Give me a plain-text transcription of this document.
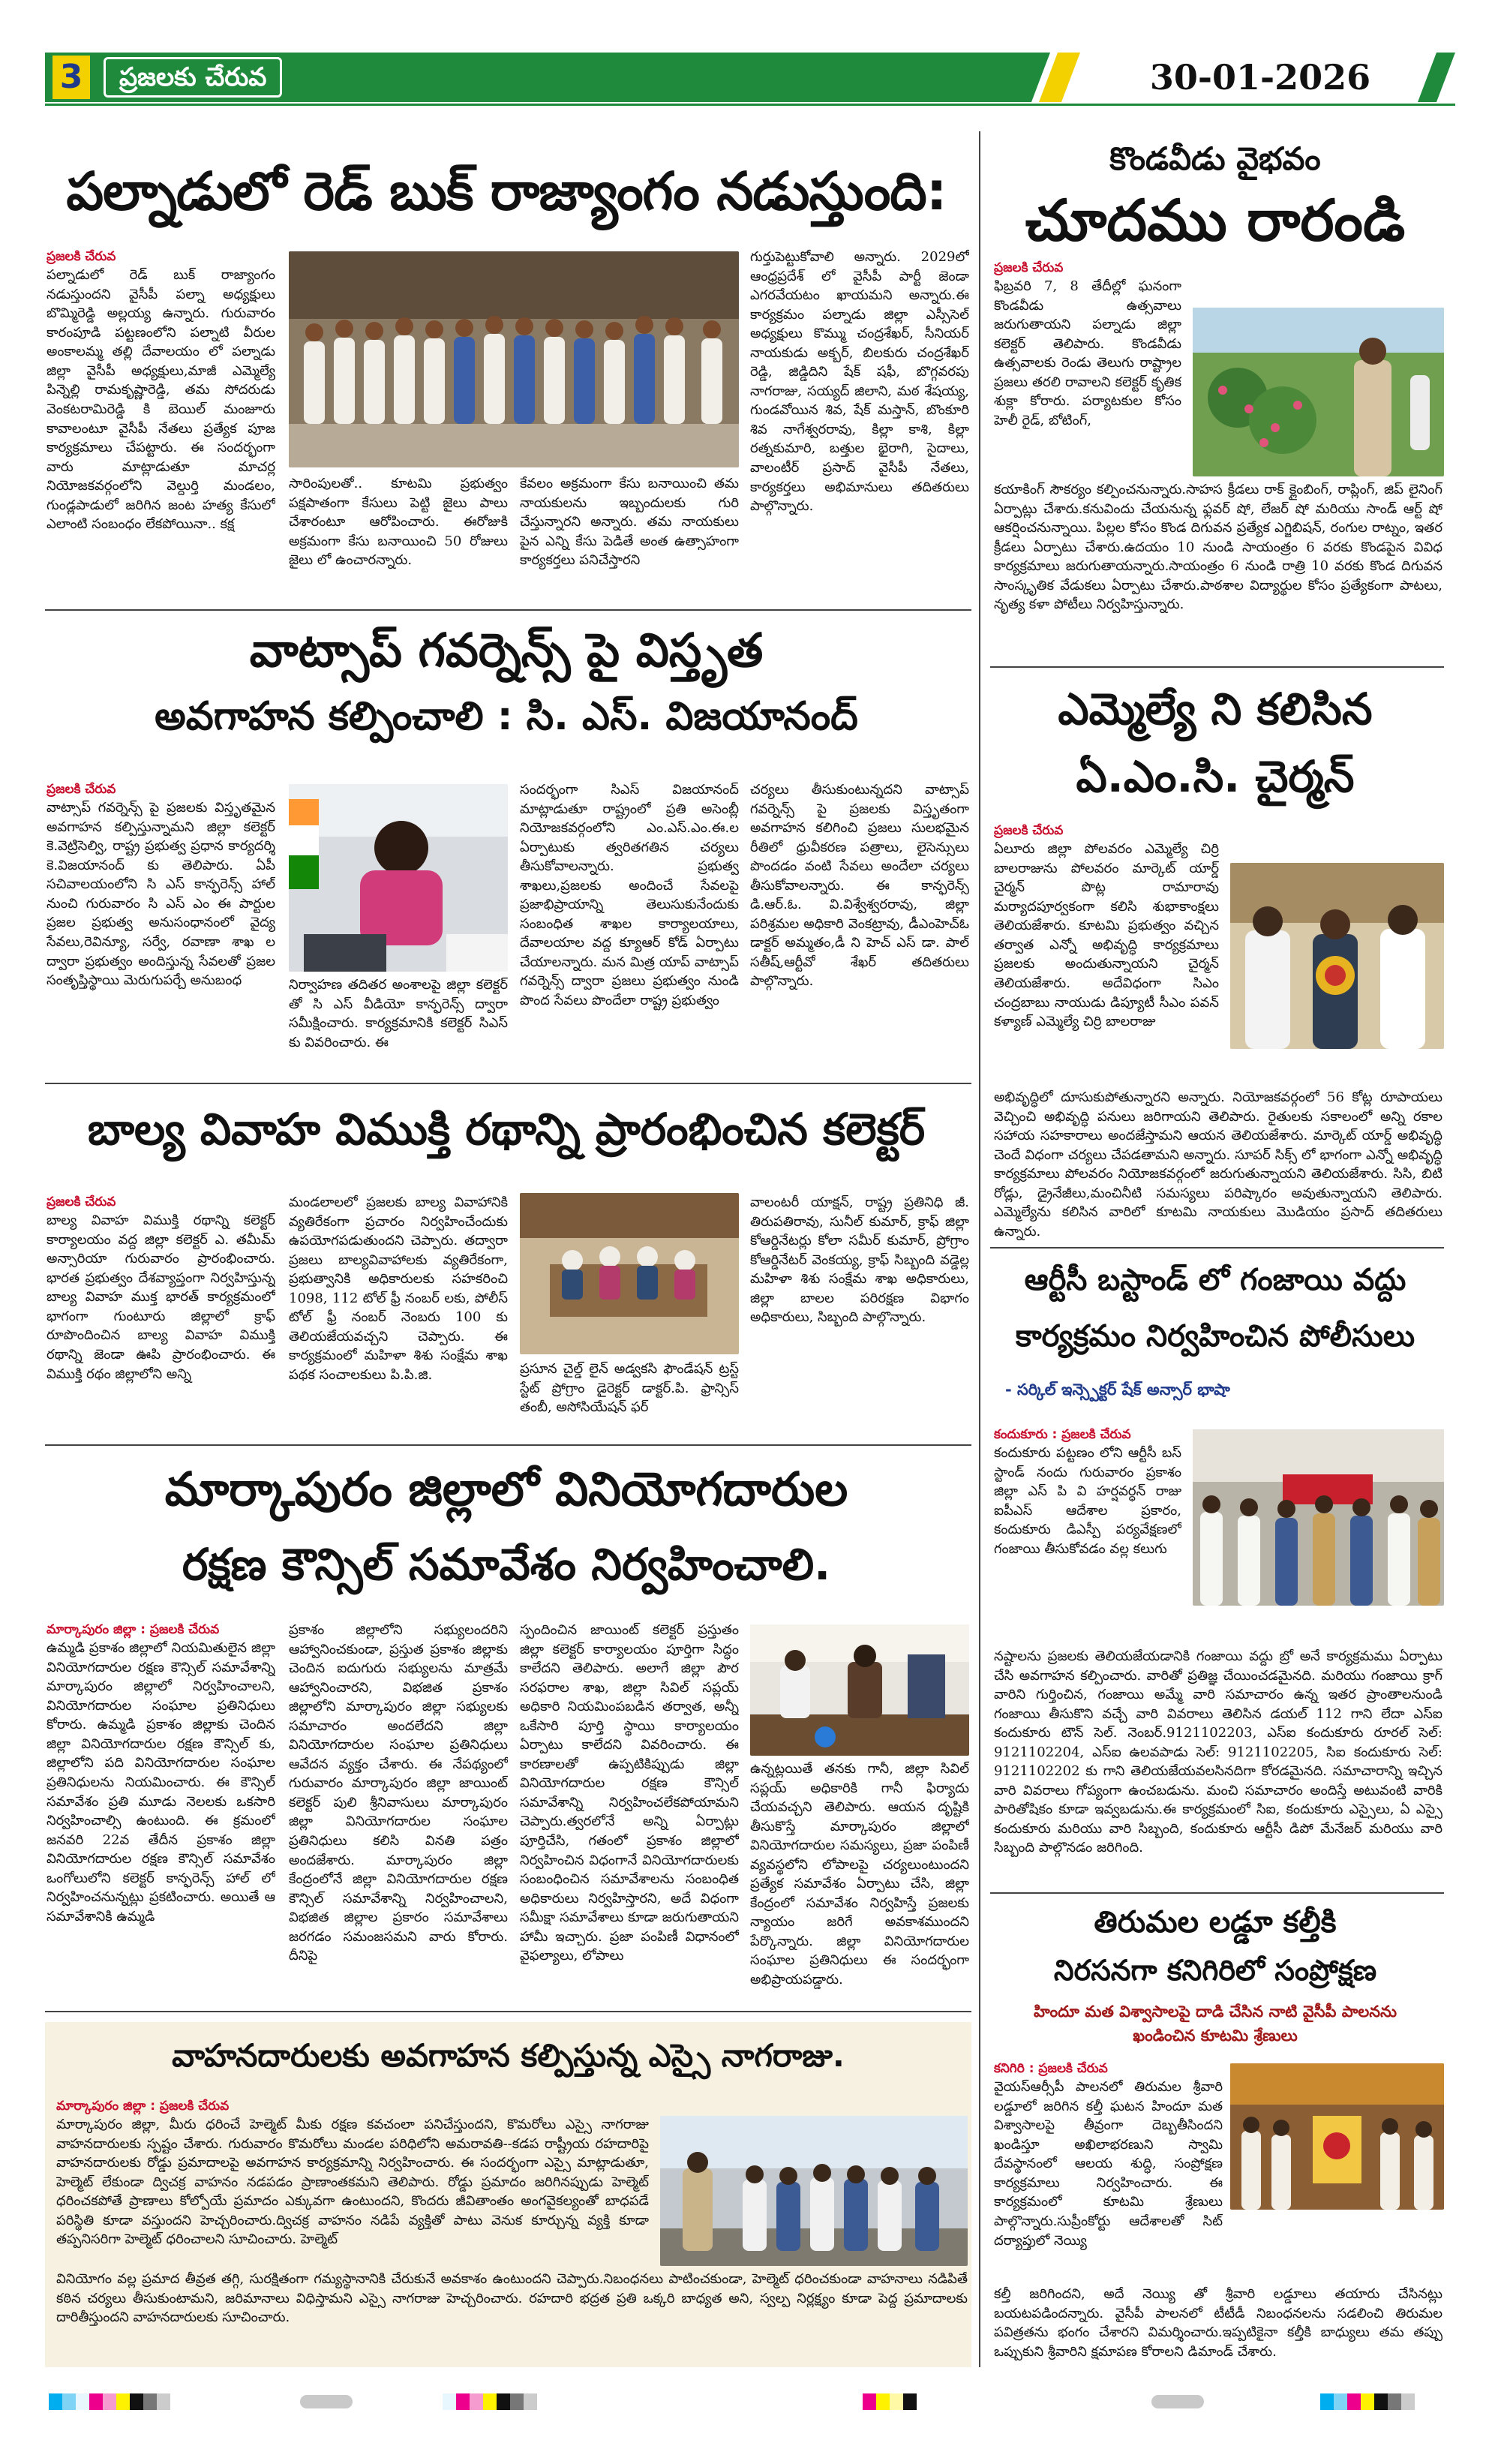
3	ప్రజలకు చేరువ	30-01-2026
పల్నాడులో రెడ్ బుక్ రాజ్యాంగం నడుస్తుంది:
ప్రజలకి చేరువ
పల్నాడులో రెడ్ బుక్ రాజ్యాంగం నడుస్తుందని వైసీపీ పల్నా అధ్యక్షులు బొమ్మిరెడ్డి అల్లయ్య ఉన్నారు. గురువారం కారంపూడి పట్టణంలోని పల్నాటి వీరుల అంకాలమ్మ తల్లి దేవాలయం లో పల్నాడు జిల్లా వైసీపీ అధ్యక్షులు,మాజీ ఎమ్మెల్యే పిన్నెల్లి రామకృష్ణారెడ్డి, తమ సోదరుడు వెంకటరామిరెడ్డి కి బెయిల్ మంజూరు కావాలంటూ వైసీపీ నేతలు ప్రత్యేక పూజ కార్యక్రమాలు చేపట్టారు. ఈ సందర్భంగా వారు మాట్లాడుతూ మాచర్ల నియోజకవర్గంలోని వెల్దుర్తి మండలం, గుండ్లపాడులో జరిగిన జంట హత్య కేసులో ఎలాంటి సంబంధం లేకపోయినా.. కక్ష
సారింపులతో.. కూటమి ప్రభుత్వం పక్షపాతంగా కేసులు పెట్టి జైలు పాలు చేశారంటూ ఆరోపించారు. ఈరోజుకి అక్రమంగా కేసు బనాయించి 50 రోజులు జైలు లో ఉంచారన్నారు.
కేవలం అక్రమంగా కేసు బనాయించి తమ నాయకులను ఇబ్బందులకు గురి చేస్తున్నారని అన్నారు. తమ నాయకులు పైన ఎన్ని కేసు పెడితే అంత ఉత్సాహంగా కార్యకర్తలు పనిచేస్తారని
గుర్తుపెట్టుకోవాలి అన్నారు. 2029లో ఆంధ్రప్రదేశ్ లో వైసీపీ పార్టీ జెండా ఎగరవేయటం ఖాయమని అన్నారు.ఈ కార్యక్రమం పల్నాడు జిల్లా ఎస్సీసెల్ అధ్యక్షులు కొమ్ము చంద్రశేఖర్, సీనియర్ నాయకుడు అక్బర్, బిలకురు చంద్రశేఖర్ రెడ్డి, జిడ్డిదిని షేక్ షఫీ, బొగ్గవరపు నాగరాజు, సయ్యద్ జిలాని, మఠ శేషయ్య, గుండవోయిన శివ, షేక్ మస్తాన్, బొంకూరి శివ నాగేశ్వరరావు, కిల్లా కాశి, కిల్లా రత్నకుమారి, బత్తుల భైరాగి, సైదాలు, వాలంటీర్ ప్రసాద్ వైసీపీ నేతలు, కార్యకర్తలు అభిమానులు తదితరులు పాల్గొన్నారు.
కొండవీడు వైభవం
చూదము రారండి
ప్రజలకి చేరువ
ఫిబ్రవరి 7, 8 తేదీల్లో ఘనంగా కొండవీడు ఉత్సవాలు జరుగుతాయని పల్నాడు జిల్లా కలెక్టర్ తెలిపారు. కొండవీడు ఉత్సవాలకు రెండు తెలుగు రాష్ట్రాల ప్రజలు తరలి రావాలని కలెక్టర్ కృతిక శుక్లా కోరారు. పర్యాటకుల కోసం హెలీ రైడ్, బోటింగ్,
కయాకింగ్ సౌకర్యం కల్పించనున్నారు.సాహస క్రీడలు రాక్ క్లైంబింగ్, రాప్లింగ్, జిప్ లైనింగ్ ఏర్పాట్లు చేశారు.కనువిందు చేయనున్న ఫ్లవర్ షో, లేజర్ షో మరియు సాండ్ ఆర్ట్ షో ఆకర్షించనున్నాయి. పిల్లల కోసం కొండ దిగువన ప్రత్యేక ఎగ్జిబిషన్, రంగుల రాట్నం, ఇతర క్రీడలు ఏర్పాటు చేశారు.ఉదయం 10 నుండి సాయంత్రం 6 వరకు కొండపైన వివిధ కార్యక్రమాలు జరుగుతాయన్నారు.సాయంత్రం 6 నుండి రాత్రి 10 వరకు కొండ దిగువన సాంస్కృతిక వేడుకలు ఏర్పాటు చేశారు.పాఠశాల విద్యార్థుల కోసం ప్రత్యేకంగా పాటలు, నృత్య కళా పోటీలు నిర్వహిస్తున్నారు.
వాట్సాప్ గవర్నెన్స్ పై విస్తృత
అవగాహన కల్పించాలి : సి. ఎస్. విజయానంద్
ప్రజలకి చేరువ
వాట్సాప్ గవర్నెన్స్ పై ప్రజలకు విస్తృతమైన అవగాహన కల్పిస్తున్నామని జిల్లా కలెక్టర్ కె.వెట్రిసెల్వి, రాష్ట్ర ప్రభుత్వ ప్రధాన కార్యదర్శి కె.విజయానంద్ కు తెలిపారు. ఏపీ సచివాలయంలోని సి ఎస్ కాన్ఫరెన్స్ హాల్ నుంచి గురువారం సి ఎస్ ఎం ఈ పార్టుల ప్రజల ప్రభుత్వ అనుసంధానంలో వైద్య సేవలు,రెవిన్యూ, సర్వే, రవాణా శాఖ ల ద్వారా ప్రభుత్వం అందిస్తున్న సేవలతో ప్రజల సంతృప్తిస్థాయి మెరుగుపర్చే అనుబంధ	నిర్వాహణ తదితర అంశాలపై జిల్లా కలెక్టర్ తో సి ఎస్ వీడియో కాన్ఫరెన్స్ ద్వారా సమీక్షించారు. కార్యక్రమానికి కలెక్టర్ సిఎస్ కు వివరించారు. ఈ
సందర్భంగా సిఎస్ విజయానంద్ మాట్లాడుతూ రాష్ట్రంలో ప్రతి అసెంబ్లీ నియోజకవర్గంలోని ఎం.ఎస్.ఎం.ఈ.ల ఏర్పాటుకు త్వరితగతిన చర్యలు తీసుకోవాలన్నారు. ప్రభుత్వ శాఖలు,ప్రజలకు అందించే సేవలపై ప్రజాభిప్రాయాన్ని తెలుసుకునేందుకు సంబంధిత శాఖల కార్యాలయాలు, దేవాలయాల వద్ద క్యూఆర్ కోడ్ ఏర్పాటు చేయాలన్నారు. మన మిత్ర యాప్ వాట్సాప్ గవర్నెన్స్ ద్వారా ప్రజలు ప్రభుత్వం నుండి పొంద సేవలు పొందేలా రాష్ట్ర ప్రభుత్వం
చర్యలు తీసుకుంటున్నదని వాట్సాప్ గవర్నెన్స్ పై ప్రజలకు విస్తృతంగా అవగాహన కలిగించి ప్రజలు సులభమైన రీతిలో ధ్రువీకరణ పత్రాలు, లైసెన్సులు పొందడం వంటి సేవలు అందేలా చర్యలు తీసుకోవాలన్నారు. ఈ కాన్ఫరెన్స్ డి.ఆర్.ఓ. వి.విశ్వేశ్వరరావు, జిల్లా పరిశ్రమల అధికారి వెంకట్రావు, డీఎంహెచ్ఓ డాక్టర్ అమ్మతం,డీ ని హెచ్ ఎస్ డా. పాల్ సతీష్,ఆర్టీవో శేఖర్ తదితరులు పాల్గొన్నారు.
ఎమ్మెల్యే ని కలిసిన
ఏ.ఎం.సి. చైర్మన్
ప్రజలకి చేరువ
ఏలూరు జిల్లా పోలవరం ఎమ్మెల్యే చిర్రి బాలరాజును పోలవరం మార్కెట్ యార్డ్ చైర్మన్ పొట్ల రామారావు మర్యాదపూర్వకంగా కలిసి శుభాకాంక్షలు తెలియజేశారు. కూటమి ప్రభుత్వం వచ్చిన తర్వాత ఎన్నో అభివృద్ధి కార్యక్రమాలు ప్రజలకు అందుతున్నాయని చైర్మన్ తెలియజేశారు. అదేవిధంగా సిఎం చంద్రబాబు నాయుడు డిప్యూటీ సీఎం పవన్ కళ్యాణ్ ఎమ్మెల్యే చిర్రి బాలరాజు
అభివృద్ధిలో దూసుకుపోతున్నారని అన్నారు. నియోజకవర్గంలో 56 కోట్ల రూపాయలు వెచ్చించి అభివృద్ధి పనులు జరిగాయని తెలిపారు. రైతులకు సకాలంలో అన్ని రకాల సహాయ సహకారాలు అందజేస్తామని ఆయన తెలియజేశారు. మార్కెట్ యార్డ్ అభివృద్ధి చెందే విధంగా చర్యలు చేపడతామని అన్నారు. సూపర్ సిక్స్ లో భాగంగా ఎన్నో అభివృద్ధి కార్యక్రమాలు పోలవరం నియోజకవర్గంలో జరుగుతున్నాయని తెలియజేశారు. సిసి, బిటి రోడ్లు, డ్రైనేజీలు,మంచినీటి సమస్యలు పరిష్కారం అవుతున్నాయని తెలిపారు. ఎమ్మెల్యేను కలిసిన వారిలో కూటమి నాయకులు మొడియం ప్రసాద్ తదితరులు ఉన్నారు.
బాల్య వివాహ విముక్తి రథాన్ని ప్రారంభించిన కలెక్టర్
ప్రజలకి చేరువ
బాల్య వివాహ విముక్తి రథాన్ని కలెక్టర్ కార్యాలయం వద్ద జిల్లా కలెక్టర్ ఎ. తమీమ్ అన్సారియా గురువారం ప్రారంభించారు. భారత ప్రభుత్వం దేశవ్యాప్తంగా నిర్వహిస్తున్న బాల్య వివాహ ముక్త భారత్ కార్యక్రమంలో భాగంగా గుంటూరు జిల్లాలో క్రాఫ్ రూపొందించిన బాల్య వివాహ విముక్తి రథాన్ని జెండా ఊపి ప్రారంభించారు. ఈ విముక్తి రథం జిల్లాలోని అన్ని
మండలాలలో ప్రజలకు బాల్య వివాహానికి వ్యతిరేకంగా ప్రచారం నిర్వహించేందుకు ఉపయోగపడుతుందని చెప్పారు. తద్వారా ప్రజలు బాల్యవివాహాలకు వ్యతిరేకంగా, ప్రభుత్వానికి అధికారులకు సహకరించి 1098, 112 టోల్ ఫ్రీ నంబర్ లకు, పోలీస్ టోల్ ఫ్రీ నంబర్ నెంబరు 100 కు తెలియజేయవచ్చని చెప్పారు. ఈ కార్యక్రమంలో మహిళా శిశు సంక్షేమ శాఖ పథక సంచాలకులు పి.పి.జి.	ప్రసూన చైల్డ్ లైన్ అడ్వకసి ఫౌండేషన్ ట్రస్ట్ స్టేట్ ప్రోగ్రాం డైరెక్టర్ డాక్టర్.పి. ఫ్రాన్సిస్ తంబీ, అసోసియేషన్ ఫర్
వాలంటరీ యాక్షన్, రాష్ట్ర ప్రతినిధి జీ. తిరుపతిరావు, సునీల్ కుమార్, క్రాఫ్ జిల్లా కోఆర్డినేటర్లు కోలా సమీర్ కుమార్, ప్రోగ్రాం కోఆర్డినేటర్ వెంకయ్య, క్రాఫ్ సిబ్బంది వడ్డెల్ల మహిళా శిశు సంక్షేమ శాఖ అధికారులు, జిల్లా బాలల పరిరక్షణ విభాగం అధికారులు, సిబ్బంది పాల్గొన్నారు.
ఆర్టీసీ బస్టాండ్ లో గంజాయి వద్దు
కార్యక్రమం నిర్వహించిన పోలీసులు
- సర్కిల్ ఇన్స్పెక్టర్ షేక్ అన్సార్ భాషా
కందుకూరు : ప్రజలకి చేరువ
కందుకూరు పట్టణం లోని ఆర్టీసీ బస్ స్టాండ్ నందు గురువారం ప్రకాశం జిల్లా ఎస్ పి వి హర్షవర్ధన్ రాజు ఐపీఎస్ ఆదేశాల ప్రకారం, కందుకూరు డిఎస్పీ పర్యవేక్షణలో గంజాయి తీసుకోవడం వల్ల కలుగు
నష్టాలను ప్రజలకు తెలియజేయడానికి గంజాయి వద్దు బ్రో అనే కార్యక్రమము ఏర్పాటు చేసి అవగాహన కల్పించారు. వారితో ప్రతిజ్ఞ చేయించడమైనది. మరియు గంజాయి క్రాగ్ వారిని గుర్తించిన, గంజాయి అమ్మే వారి సమాచారం ఉన్న ఇతర ప్రాంతాలనుండి గంజాయి తీసుకొని వచ్చే వారి వివరాలు తెలిసిన డయల్ 112 గాని లేదా ఎస్‌ఐ కందుకూరు టౌన్ సెల్. నెంబర్.9121102203, ఎస్‌ఐ కందుకూరు రూరల్ సెల్: 9121102204, ఎస్‌ఐ ఉలవపాడు సెల్: 9121102205, సిఐ కందుకూరు సెల్: 9121102202 కు గాని తెలియజేయవలసినదిగా కోరడమైనది. సమాచారాన్ని ఇచ్చిన వారి వివరాలు గోప్యంగా ఉంచబడును. మంచి సమాచారం అందిస్తే అటువంటి వారికి పారితోషికం కూడా ఇవ్వబడును.ఈ కార్యక్రమంలో సిఐ, కందుకూరు ఎస్సైలు, ఏ ఎస్సై కందుకూరు మరియు వారి సిబ్బంది, కందుకూరు ఆర్టీసీ డిపో మేనేజర్ మరియు వారి సిబ్బంది పాల్గొనడం జరిగింది.
మార్కాపురం జిల్లాలో వినియోగదారుల
రక్షణ కౌన్సిల్ సమావేశం నిర్వహించాలి.
మార్కాపురం జిల్లా : ప్రజలకి చేరువ
ఉమ్మడి ప్రకాశం జిల్లాలో నియమితులైన జిల్లా వినియోగదారుల రక్షణ కౌన్సిల్ సమావేశాన్ని మార్కాపురం జిల్లాలో నిర్వహించాలని, వినియోగదారుల సంఘాల ప్రతినిధులు కోరారు. ఉమ్మడి ప్రకాశం జిల్లాకు చెందిన జిల్లా వినియోగదారుల రక్షణ కౌన్సిల్ కు, జిల్లాలోని పది వినియోగదారుల సంఘాల ప్రతినిధులను నియమించారు. ఈ కౌన్సిల్ సమావేశం ప్రతి మూడు నెలలకు ఒకసారి నిర్వహించాల్సి ఉంటుంది. ఈ క్రమంలో జనవరి 22వ తేదీన ప్రకాశం జిల్లా వినియోగదారుల రక్షణ కౌన్సిల్ సమావేశం ఒంగోలులోని కలెక్టర్ కాన్ఫరెన్స్ హాల్ లో నిర్వహించనున్నట్లు ప్రకటించారు. అయితే ఆ సమావేశానికి ఉమ్మడి
ప్రకాశం జిల్లాలోని సభ్యులందరిని ఆహ్వానించకుండా, ప్రస్తుత ప్రకాశం జిల్లాకు చెందిన ఐదుగురు సభ్యులను మాత్రమే ఆహ్వానించారని, విభజిత ప్రకాశం జిల్లాలోని మార్కాపురం జిల్లా సభ్యులకు సమాచారం అందలేదని జిల్లా వినియోగదారుల సంఘాల ప్రతినిధులు ఆవేదన వ్యక్తం చేశారు. ఈ నేపథ్యంలో గురువారం మార్కాపురం జిల్లా జాయింట్ కలెక్టర్ పులి శ్రీనివాసులు మార్కాపురం జిల్లా వినియోగదారుల సంఘాల ప్రతినిధులు కలిసి వినతి పత్రం అందజేశారు. మార్కాపురం జిల్లా కేంద్రంలోనే జిల్లా వినియోగదారుల రక్షణ కౌన్సిల్ సమావేశాన్ని నిర్వహించాలని, విభజిత జిల్లాల ప్రకారం సమావేశాలు జరగడం సమంజసమని వారు కోరారు. దీనిపై
స్పందించిన జాయింట్ కలెక్టర్ ప్రస్తుతం జిల్లా కలెక్టర్ కార్యాలయం పూర్తిగా సిద్ధం కాలేదని తెలిపారు. అలాగే జిల్లా పౌర సరఫరాల శాఖ, జిల్లా సివిల్ సప్లయ్ అధికారి నియమింపబడిన తర్వాత, అన్నీ ఒకేసారి పూర్తి స్థాయి కార్యాలయం ఏర్పాటు కాలేదని వివరించారు. ఈ కారణాలతో ఉప్పటికిప్పుడు జిల్లా వినియోగదారుల రక్షణ కౌన్సిల్ సమావేశాన్ని నిర్వహించలేకపోయామని చెప్పారు.త్వరలోనే అన్ని ఏర్పాట్లు పూర్తిచేసి, గతంలో ప్రకాశం జిల్లాలో నిర్వహించిన విధంగానే వినియోగదారులకు సంబంధించిన సమావేశాలను సంబంధిత అధికారులు నిర్వహిస్తారని, అదే విధంగా సమీక్షా సమావేశాలు కూడా జరుగుతాయని హామీ ఇచ్చారు. ప్రజా పంపిణీ విధానంలో వైఫల్యాలు, లోపాలు
ఉన్నట్లయితే తనకు గానీ, జిల్లా సివిల్ సప్లయ్ అధికారికి గానీ ఫిర్యాదు చేయవచ్చని తెలిపారు. ఆయన దృష్టికి తీసుకొస్తే మార్కాపురం జిల్లాలో వినియోగదారుల సమస్యలు, ప్రజా పంపిణీ వ్యవస్థలోని లోపాలపై చర్యలుంటుందని ప్రత్యేక సమావేశం ఏర్పాటు చేసి, జిల్లా కేంద్రంలో సమావేశం నిర్వహిస్తే ప్రజలకు న్యాయం జరిగే అవకాశముందని పేర్కొన్నారు. జిల్లా వినియోగదారుల సంఘాల ప్రతినిధులు ఈ సందర్భంగా అభిప్రాయపడ్డారు.
వాహనదారులకు అవగాహన కల్పిస్తున్న ఎస్సై నాగరాజు.
మార్కాపురం జిల్లా : ప్రజలకి చేరువ
మార్కాపురం జిల్లా, మీరు ధరించే హెల్మెట్ మీకు రక్షణ కవచంలా పనిచేస్తుందని, కొమరోలు ఎస్సై నాగరాజు వాహనదారులకు స్పష్టం చేశారు. గురువారం కొమరోలు మండల పరిధిలోని అమరావతి--కడప రాష్ట్రీయ రహదారిపై వాహనదారులకు రోడ్డు ప్రమాదాలపై అవగాహన కార్యక్రమాన్ని నిర్వహించారు. ఈ సందర్భంగా ఎస్సై మాట్లాడుతూ, హెల్మెట్ లేకుండా ద్విచక్ర వాహనం నడపడం ప్రాణాంతకమని తెలిపారు. రోడ్డు ప్రమాదం జరిగినప్పుడు హెల్మెట్ ధరించకపోతే ప్రాణాలు కోల్పోయే ప్రమాదం ఎక్కువగా ఉంటుందని, కొందరు జీవితాంతం అంగవైకల్యంతో బాధపడే పరిస్థితి కూడా వస్తుందని హెచ్చరించారు.ద్విచక్ర వాహనం నడిపే వ్యక్తితో పాటు వెనుక కూర్చున్న వ్యక్తి కూడా తప్పనిసరిగా హెల్మెట్ ధరించాలని సూచించారు. హెల్మెట్
వినియోగం వల్ల ప్రమాద తీవ్రత తగ్గి, సురక్షితంగా గమ్యస్థానానికి చేరుకునే అవకాశం ఉంటుందని చెప్పారు.నిబంధనలు పాటించకుండా, హెల్మెట్ ధరించకుండా వాహనాలు నడిపితే కఠిన చర్యలు తీసుకుంటామని, జరిమానాలు విధిస్తామని ఎస్సై నాగరాజు హెచ్చరించారు. రహదారి భద్రత ప్రతి ఒక్కరి బాధ్యత అని, స్వల్ప నిర్లక్ష్యం కూడా పెద్ద ప్రమాదాలకు దారితీస్తుందని వాహనదారులకు సూచించారు.
తిరుమల లడ్డూ కల్తీకి
నిరసనగా కనిగిరిలో సంప్రోక్షణ
హిందూ మత విశ్వాసాలపై దాడి చేసిన నాటి వైసీపీ పాలనను
ఖండించిన కూటమి శ్రేణులు
కనిగిరి : ప్రజలకి చేరువ
వైయస్ఆర్సీపీ పాలనలో తిరుమల శ్రీవారి లడ్డూలో జరిగిన కల్తీ ఘటన హిందూ మత విశ్వాసాలపై తీవ్రంగా దెబ్బతీసిందని ఖండిస్తూ అఖిలాభరణుని స్వామి దేవస్థానంలో ఆలయ శుద్ధి, సంప్రోక్షణ కార్యక్రమాలు నిర్వహించారు. ఈ కార్యక్రమంలో కూటమి శ్రేణులు పాల్గొన్నారు.సుప్రీంకోర్టు ఆదేశాలతో సిట్ దర్యాప్తులో నెయ్యి
కల్తీ జరిగిందని, అదే నెయ్యి తో శ్రీవారి లడ్డూలు తయారు చేసినట్లు బయటపడిందన్నారు. వైసీపీ పాలనలో టీటీడీ నిబంధనలను సడలించి తిరుమల పవిత్రతను భంగం చేశారని విమర్శించారు.ఇప్పటికైనా కల్తీకి బాధ్యులు తమ తప్పు ఒప్పుకుని శ్రీవారిని క్షమాపణ కోరాలని డిమాండ్ చేశారు.
